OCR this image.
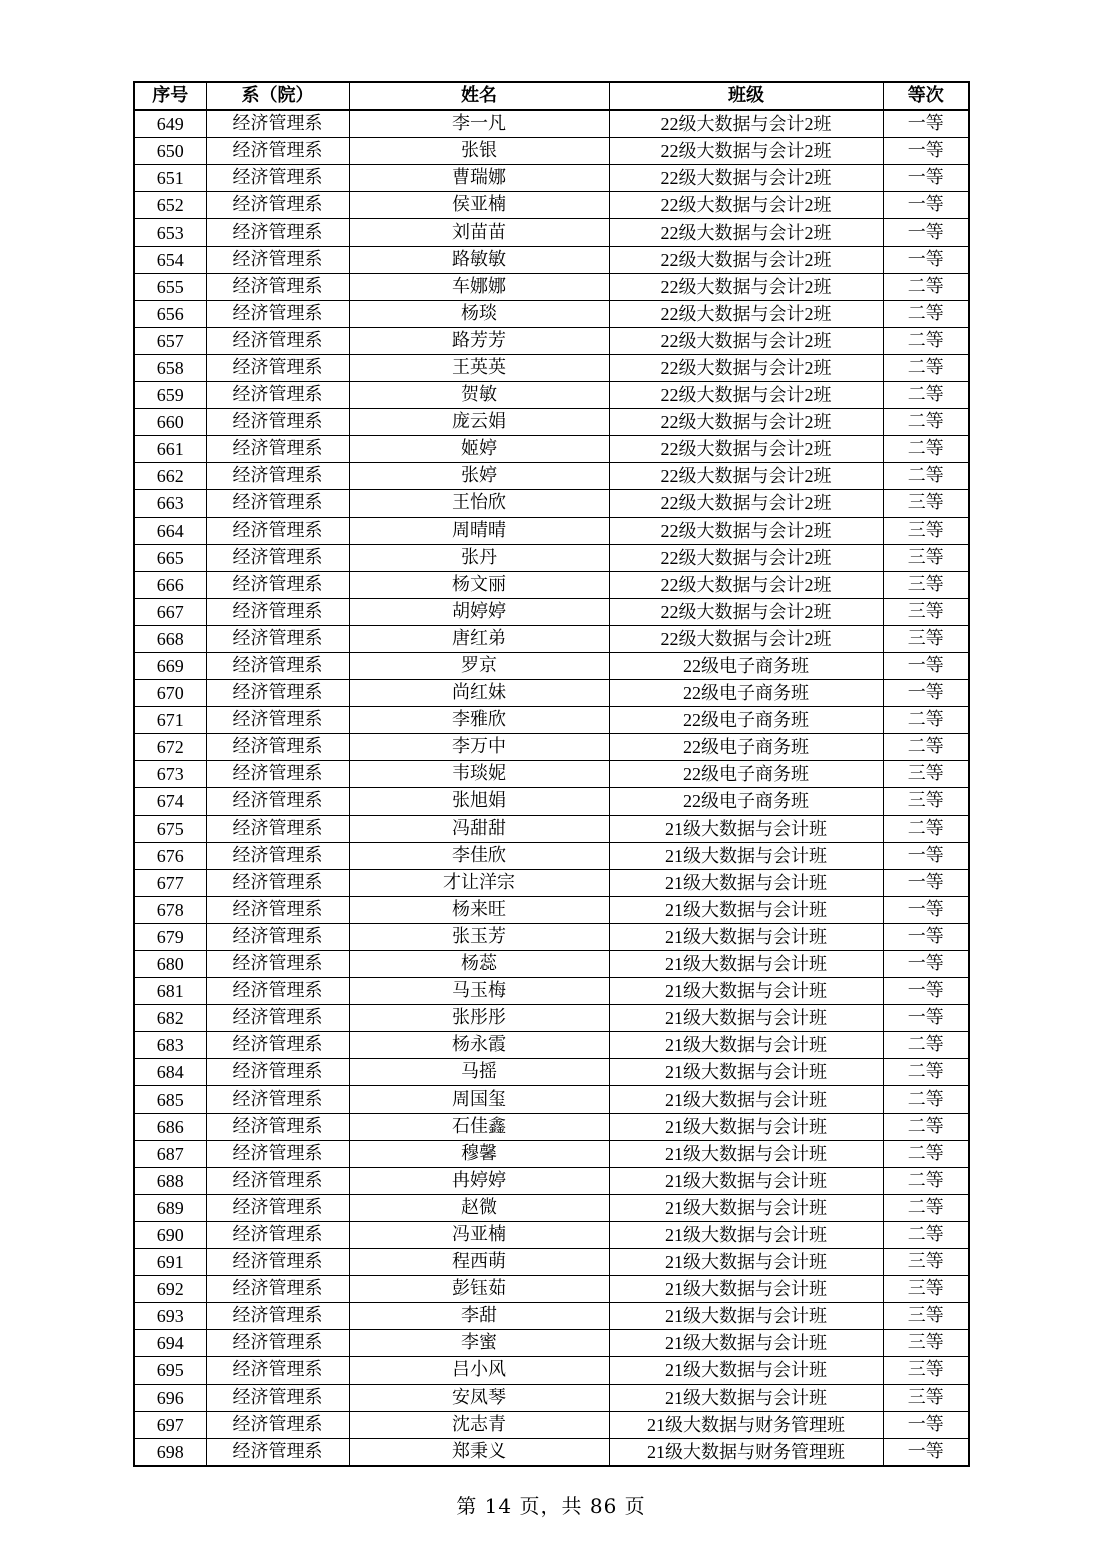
序号	系（院）	姓名	班级	等次
649	经济管理系	李一凡	22级大数据与会计2班	一等
650	经济管理系	张银	22级大数据与会计2班	一等
651	经济管理系	曹瑞娜	22级大数据与会计2班	一等
652	经济管理系	侯亚楠	22级大数据与会计2班	一等
653	经济管理系	刘苗苗	22级大数据与会计2班	一等
654	经济管理系	路敏敏	22级大数据与会计2班	一等
655	经济管理系	车娜娜	22级大数据与会计2班	二等
656	经济管理系	杨琰	22级大数据与会计2班	二等
657	经济管理系	路芳芳	22级大数据与会计2班	二等
658	经济管理系	王英英	22级大数据与会计2班	二等
659	经济管理系	贺敏	22级大数据与会计2班	二等
660	经济管理系	庞云娟	22级大数据与会计2班	二等
661	经济管理系	姬婷	22级大数据与会计2班	二等
662	经济管理系	张婷	22级大数据与会计2班	二等
663	经济管理系	王怡欣	22级大数据与会计2班	三等
664	经济管理系	周晴晴	22级大数据与会计2班	三等
665	经济管理系	张丹	22级大数据与会计2班	三等
666	经济管理系	杨文丽	22级大数据与会计2班	三等
667	经济管理系	胡婷婷	22级大数据与会计2班	三等
668	经济管理系	唐红弟	22级大数据与会计2班	三等
669	经济管理系	罗京	22级电子商务班	一等
670	经济管理系	尚红妹	22级电子商务班	一等
671	经济管理系	李雅欣	22级电子商务班	二等
672	经济管理系	李万中	22级电子商务班	二等
673	经济管理系	韦琰妮	22级电子商务班	三等
674	经济管理系	张旭娟	22级电子商务班	三等
675	经济管理系	冯甜甜	21级大数据与会计班	二等
676	经济管理系	李佳欣	21级大数据与会计班	一等
677	经济管理系	才让洋宗	21级大数据与会计班	一等
678	经济管理系	杨来旺	21级大数据与会计班	一等
679	经济管理系	张玉芳	21级大数据与会计班	一等
680	经济管理系	杨蕊	21级大数据与会计班	一等
681	经济管理系	马玉梅	21级大数据与会计班	一等
682	经济管理系	张彤彤	21级大数据与会计班	一等
683	经济管理系	杨永霞	21级大数据与会计班	二等
684	经济管理系	马摇	21级大数据与会计班	二等
685	经济管理系	周国玺	21级大数据与会计班	二等
686	经济管理系	石佳鑫	21级大数据与会计班	二等
687	经济管理系	穆馨	21级大数据与会计班	二等
688	经济管理系	冉婷婷	21级大数据与会计班	二等
689	经济管理系	赵微	21级大数据与会计班	二等
690	经济管理系	冯亚楠	21级大数据与会计班	二等
691	经济管理系	程西萌	21级大数据与会计班	三等
692	经济管理系	彭钰茹	21级大数据与会计班	三等
693	经济管理系	李甜	21级大数据与会计班	三等
694	经济管理系	李蜜	21级大数据与会计班	三等
695	经济管理系	吕小风	21级大数据与会计班	三等
696	经济管理系	安凤琴	21级大数据与会计班	三等
697	经济管理系	沈志青	21级大数据与财务管理班	一等
698	经济管理系	郑秉义	21级大数据与财务管理班	一等
第 14 页，共 86 页
